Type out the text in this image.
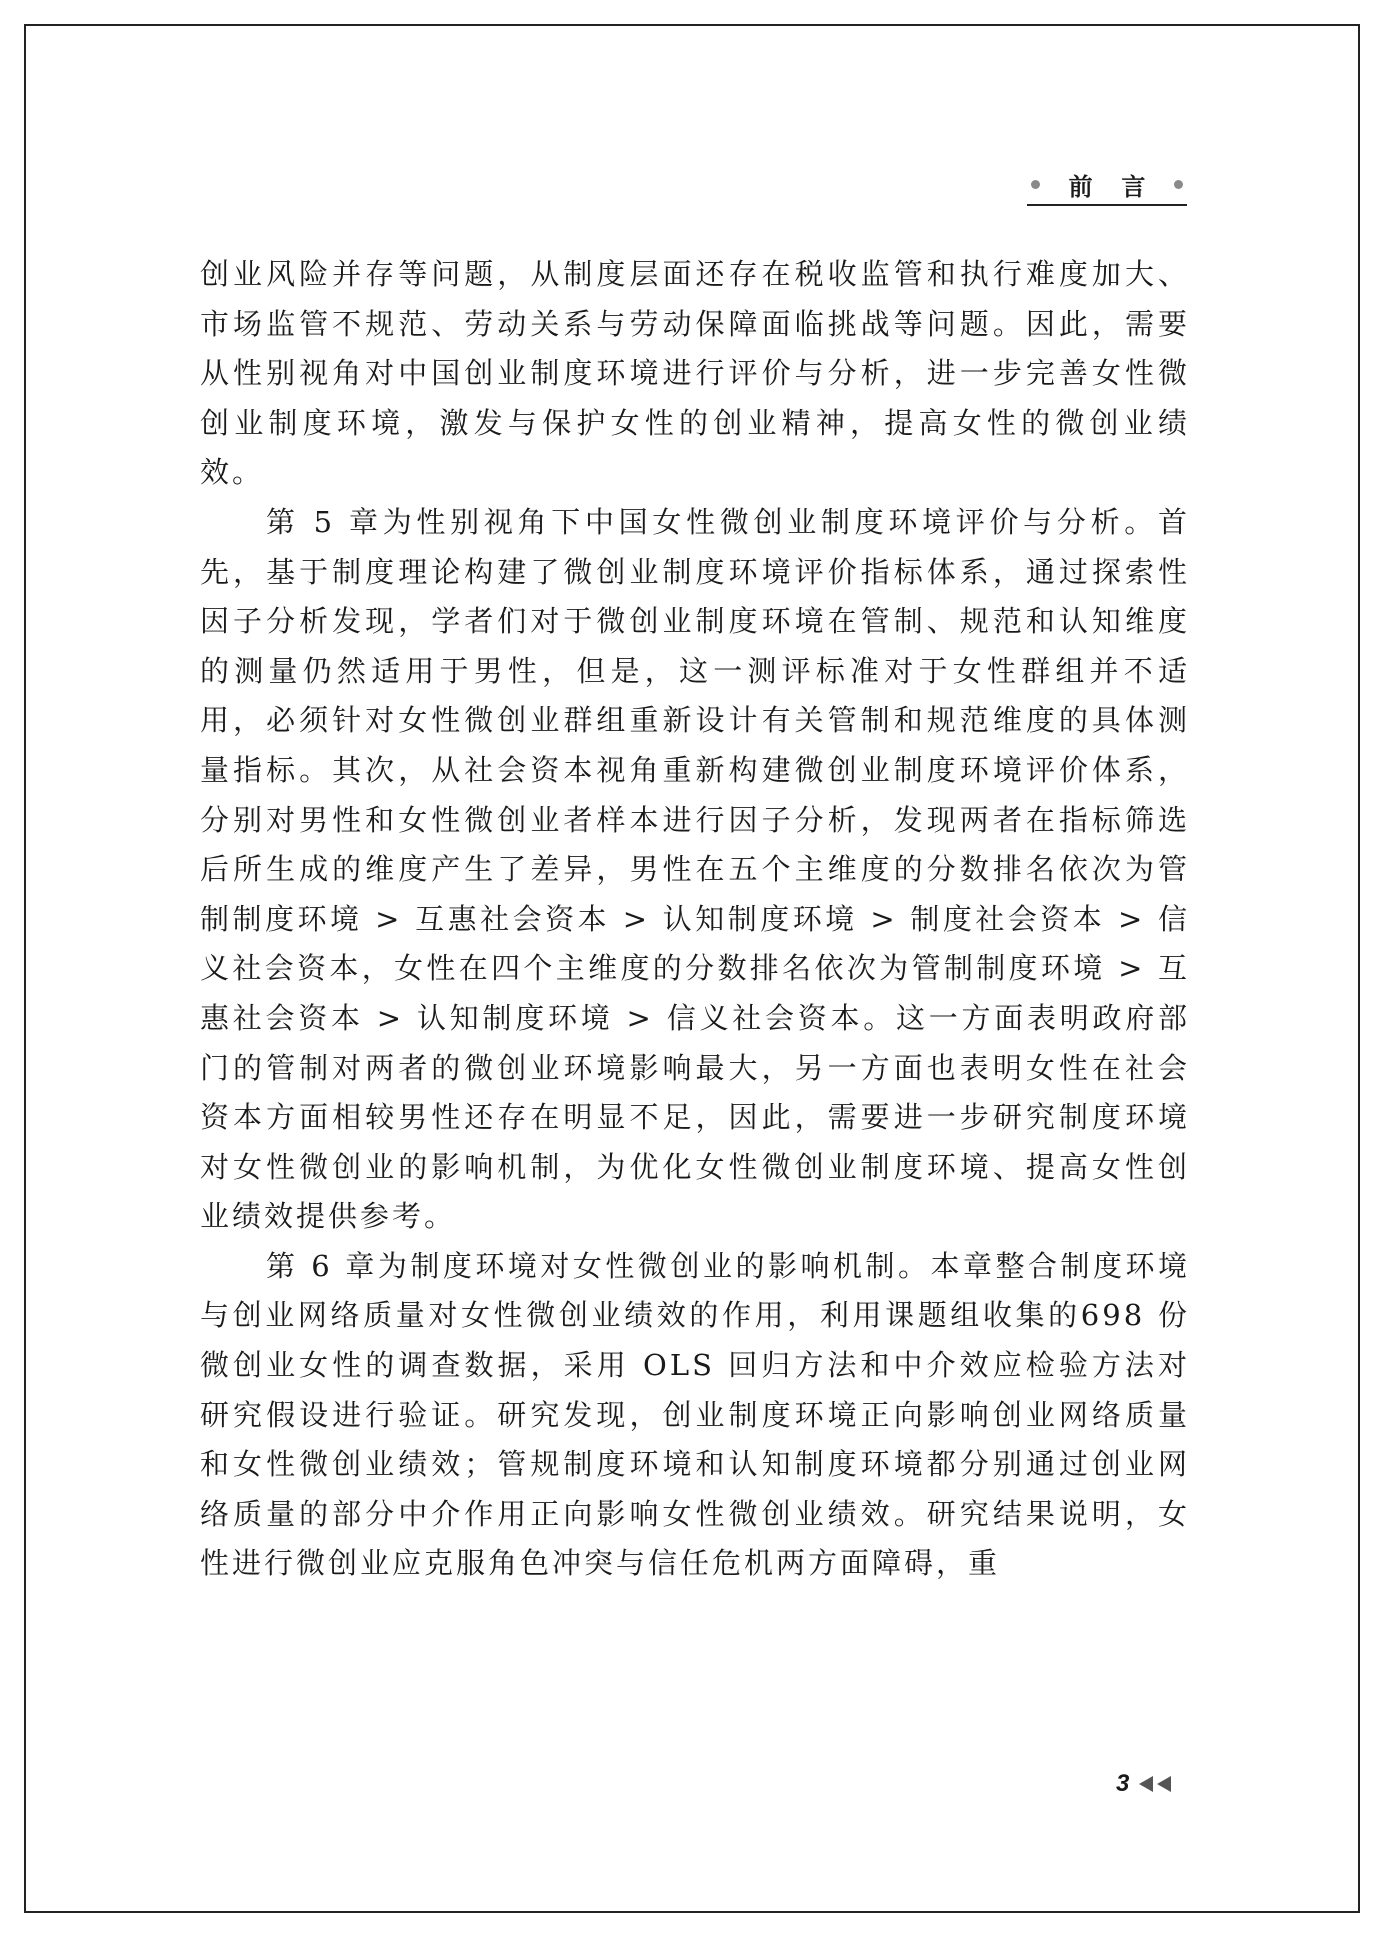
前 言

创业风险并存等问题，从制度层面还存在税收监管和执行难度加大、市场监管不规范、劳动关系与劳动保障面临挑战等问题。因此，需要从性别视角对中国创业制度环境进行评价与分析，进一步完善女性微创业制度环境，激发与保护女性的创业精神，提高女性的微创业绩效。

第 5 章为性别视角下中国女性微创业制度环境评价与分析。首先，基于制度理论构建了微创业制度环境评价指标体系，通过探索性因子分析发现，学者们对于微创业制度环境在管制、规范和认知维度的测量仍然适用于男性，但是，这一测评标准对于女性群组并不适用，必须针对女性微创业群组重新设计有关管制和规范维度的具体测量指标。其次，从社会资本视角重新构建微创业制度环境评价体系，分别对男性和女性微创业者样本进行因子分析，发现两者在指标筛选后所生成的维度产生了差异，男性在五个主维度的分数排名依次为管制制度环境 > 互惠社会资本 > 认知制度环境 > 制度社会资本 > 信义社会资本，女性在四个主维度的分数排名依次为管制制度环境 > 互惠社会资本 > 认知制度环境 > 信义社会资本。这一方面表明政府部门的管制对两者的微创业环境影响最大，另一方面也表明女性在社会资本方面相较男性还存在明显不足，因此，需要进一步研究制度环境对女性微创业的影响机制，为优化女性微创业制度环境、提高女性创业绩效提供参考。

第 6 章为制度环境对女性微创业的影响机制。本章整合制度环境与创业网络质量对女性微创业绩效的作用，利用课题组收集的698 份微创业女性的调查数据，采用 OLS 回归方法和中介效应检验方法对研究假设进行验证。研究发现，创业制度环境正向影响创业网络质量和女性微创业绩效；管规制度环境和认知制度环境都分别通过创业网络质量的部分中介作用正向影响女性微创业绩效。研究结果说明，女性进行微创业应克服角色冲突与信任危机两方面障碍，重

3
